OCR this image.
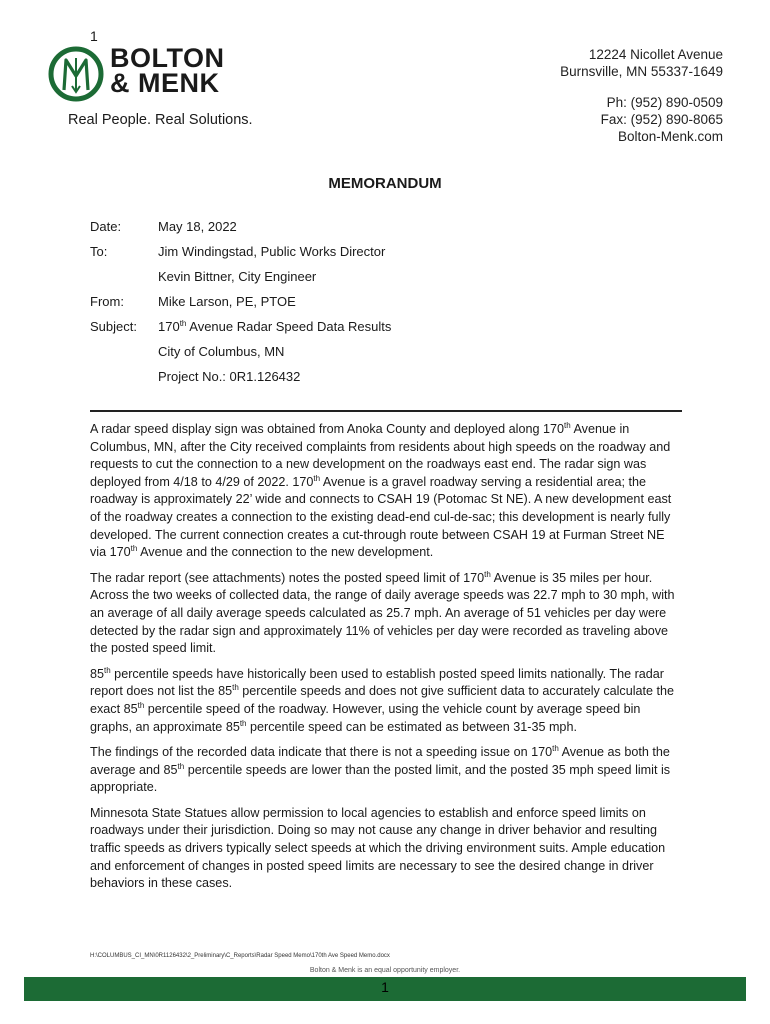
1
BOLTON
& MENK
Real People. Real Solutions.
12224 Nicollet Avenue
Burnsville, MN 55337-1649
Ph: (952) 890-0509
Fax: (952) 890-8065
Bolton-Menk.com
MEMORANDUM
Date:	May 18, 2022
To:	Jim Windingstad, Public Works Director
Kevin Bittner, City Engineer
From:	Mike Larson, PE, PTOE
Subject: 170th Avenue Radar Speed Data Results
City of Columbus, MN
Project No.: 0R1.126432

A radar speed display sign was obtained from Anoka County and deployed along 170th Avenue in Columbus, MN, after the City received complaints from residents about high speeds on the roadway and requests to cut the connection to a new development on the roadways east end. The radar sign was deployed from 4/18 to 4/29 of 2022. 170th Avenue is a gravel roadway serving a residential area; the roadway is approximately 22’ wide and connects to CSAH 19 (Potomac St NE). A new development east of the roadway creates a connection to the existing dead-end cul-de-sac; this development is nearly fully developed. The current connection creates a cut-through route between CSAH 19 at Furman Street NE via 170th Avenue and the connection to the new development.

The radar report (see attachments) notes the posted speed limit of 170th Avenue is 35 miles per hour. Across the two weeks of collected data, the range of daily average speeds was 22.7 mph to 30 mph, with an average of all daily average speeds calculated as 25.7 mph. An average of 51 vehicles per day were detected by the radar sign and approximately 11% of vehicles per day were recorded as traveling above the posted speed limit.

85th percentile speeds have historically been used to establish posted speed limits nationally. The radar report does not list the 85th percentile speeds and does not give sufficient data to accurately calculate the exact 85th percentile speed of the roadway. However, using the vehicle count by average speed bin graphs, an approximate 85th percentile speed can be estimated as between 31-35 mph.

The findings of the recorded data indicate that there is not a speeding issue on 170th Avenue as both the average and 85th percentile speeds are lower than the posted limit, and the posted 35 mph speed limit is appropriate.

Minnesota State Statues allow permission to local agencies to establish and enforce speed limits on roadways under their jurisdiction. Doing so may not cause any change in driver behavior and resulting traffic speeds as drivers typically select speeds at which the driving environment suits. Ample education and enforcement of changes in posted speed limits are necessary to see the desired change in driver behaviors in these cases.

H:\COLUMBUS_CI_MN\0R1126432\2_Preliminary\C_Reports\Radar Speed Memo\170th Ave Speed Memo.docx
Bolton & Menk is an equal opportunity employer.
1
